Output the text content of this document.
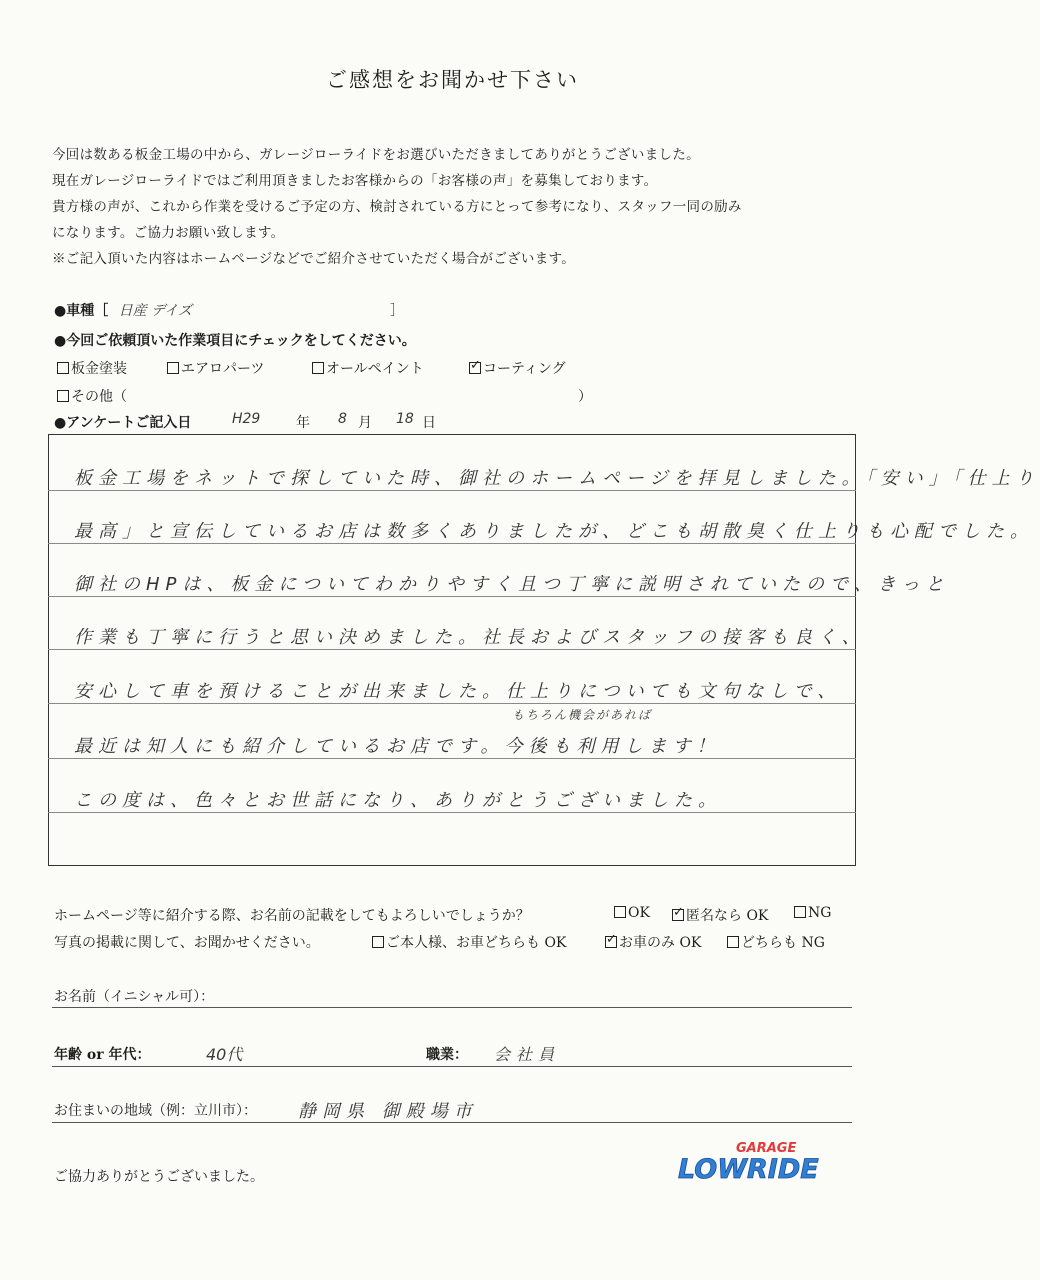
ご感想をお聞かせ下さい
今回は数ある板金工場の中から、ガレージローライドをお選びいただきましてありがとうございました。
現在ガレージローライドではご利用頂きましたお客様からの「お客様の声」を募集しております。
貴方様の声が、これから作業を受けるご予定の方、検討されている方にとって参考になり、スタッフ一同の励み
になります。ご協力お願い致します。
※ご記入頂いた内容はホームページなどでご紹介させていただく場合がございます。
●車種［ 日産 デイズ	］
●今回ご依頼頂いた作業項目にチェックをしてください。
板金塗装	エアロパーツ	オールペイント ✓	コーティング
その他（	）
●アンケートご記入日	H29	年 8 月 18 日
板金工場をネットで探していた時、御社のホームページを拝見しました。「安い」「仕上り
最高」と宣伝しているお店は数多くありましたが、どこも胡散臭く仕上りも心配でした。
御社のHPは、板金についてわかりやすく且つ丁寧に説明されていたので、きっと
作業も丁寧に行うと思い決めました。社長およびスタッフの接客も良く、
安心して車を預けることが出来ました。仕上りについても文句なしで、
最近は知人にも紹介しているお店です。今後も利用します！
この度は、色々とお世話になり、ありがとうございました。
もちろん機会があれば
ホームページ等に紹介する際、お名前の記載をしてもよろしいでしょうか？	OK ✓	匿名なら OK	NG
写真の掲載に関して、お聞かせください。	ご本人様、お車どちらも OK ✓	お車のみ OK	どちらも NG
お名前（イニシャル可）：
年齢 or 年代：	40代	職業： 会社員
お住まいの地域（例：立川市）： 静岡県 御殿場市
ご協力ありがとうございました。
GARAGE
LOWRIDE
